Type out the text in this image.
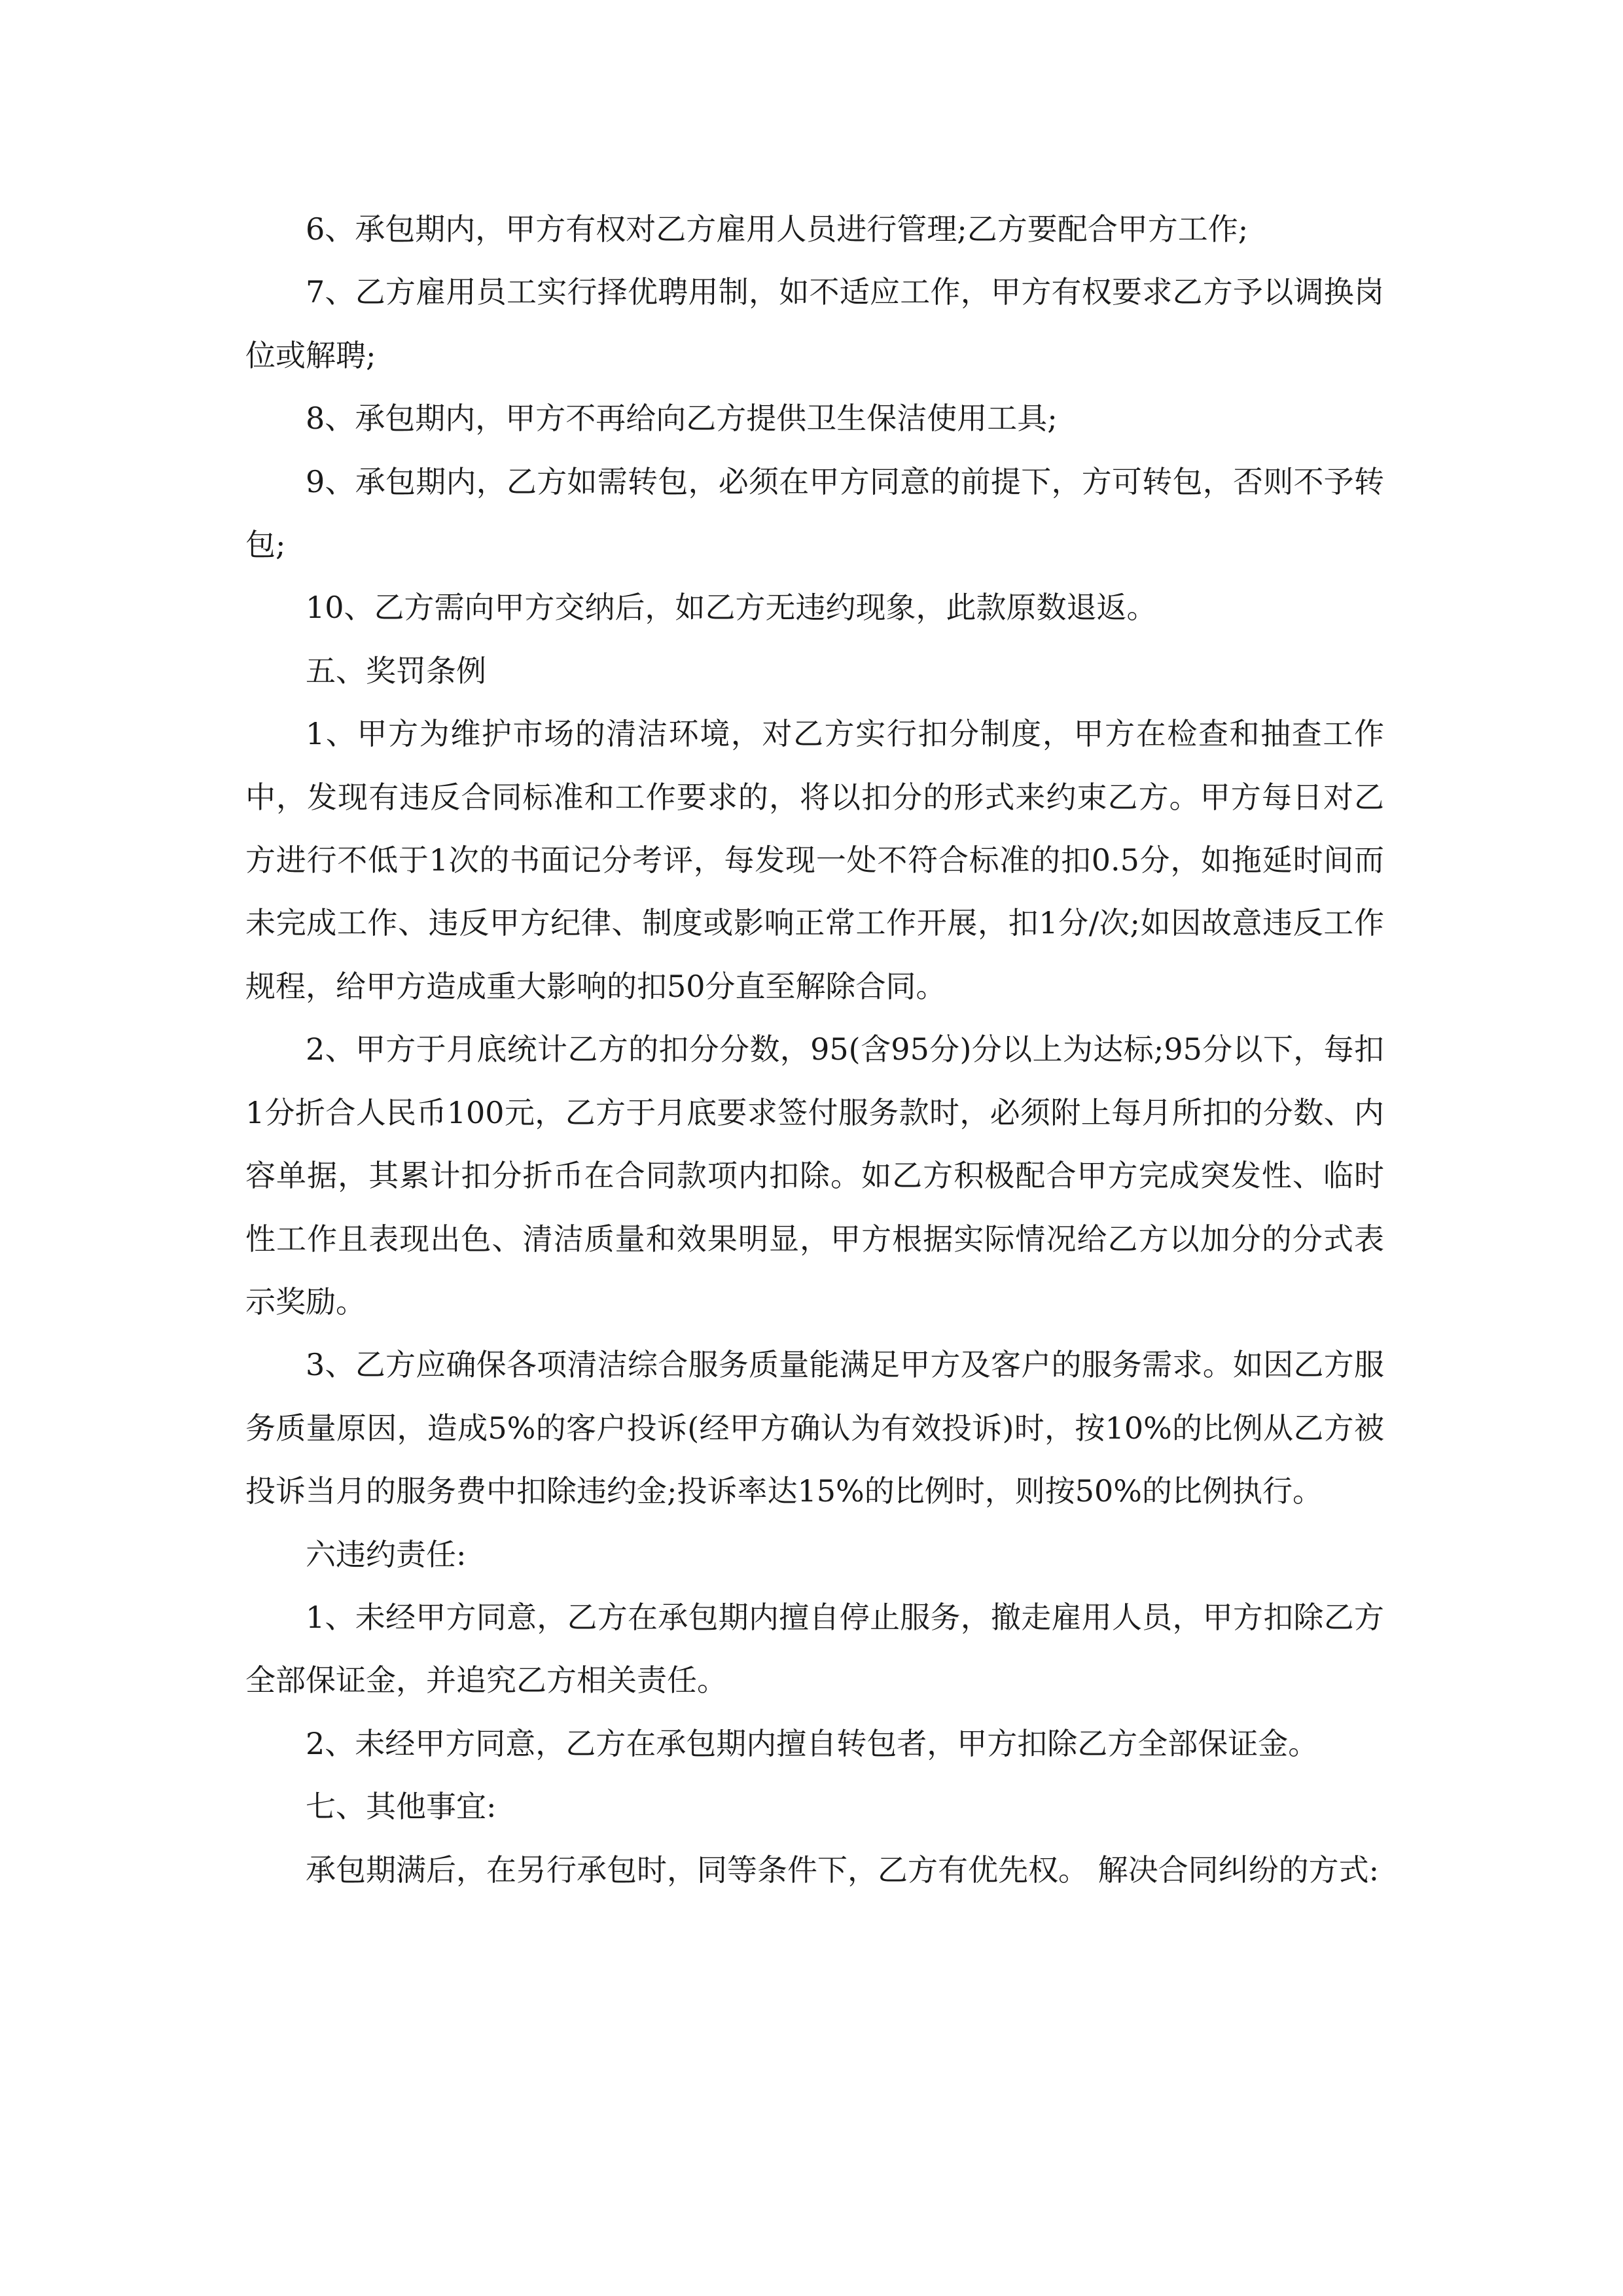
6、承包期内，甲方有权对乙方雇用人员进行管理;乙方要配合甲方工作;

7、乙方雇用员工实行择优聘用制，如不适应工作，甲方有权要求乙方予以调换岗位或解聘;

8、承包期内，甲方不再给向乙方提供卫生保洁使用工具;

9、承包期内，乙方如需转包，必须在甲方同意的前提下，方可转包，否则不予转包;

10、乙方需向甲方交纳后，如乙方无违约现象，此款原数退返。

五、奖罚条例

1、甲方为维护市场的清洁环境，对乙方实行扣分制度，甲方在检查和抽查工作中，发现有违反合同标准和工作要求的，将以扣分的形式来约束乙方。甲方每日对乙方进行不低于1次的书面记分考评，每发现一处不符合标准的扣0.5分，如拖延时间而未完成工作、违反甲方纪律、制度或影响正常工作开展，扣1分/次;如因故意违反工作规程，给甲方造成重大影响的扣50分直至解除合同。

2、甲方于月底统计乙方的扣分分数，95(含95分)分以上为达标;95分以下，每扣1分折合人民币100元，乙方于月底要求签付服务款时，必须附上每月所扣的分数、内容单据，其累计扣分折币在合同款项内扣除。如乙方积极配合甲方完成突发性、临时性工作且表现出色、清洁质量和效果明显，甲方根据实际情况给乙方以加分的分式表示奖励。

3、乙方应确保各项清洁综合服务质量能满足甲方及客户的服务需求。如因乙方服务质量原因，造成5%的客户投诉(经甲方确认为有效投诉)时，按10%的比例从乙方被投诉当月的服务费中扣除违约金;投诉率达15%的比例时，则按50%的比例执行。

六违约责任:

1、未经甲方同意，乙方在承包期内擅自停止服务，撤走雇用人员，甲方扣除乙方全部保证金，并追究乙方相关责任。

2、未经甲方同意，乙方在承包期内擅自转包者，甲方扣除乙方全部保证金。

七、其他事宜:

承包期满后，在另行承包时，同等条件下，乙方有优先权。 解决合同纠纷的方式:
